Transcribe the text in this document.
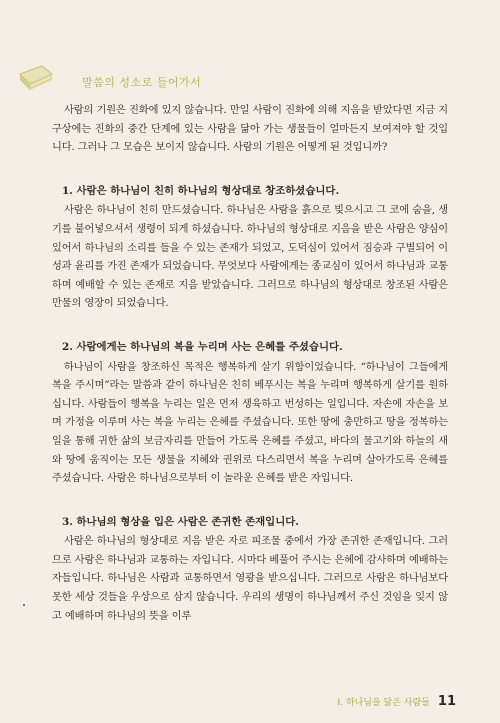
말씀의 성소로 들어가서

사람의 기원은 진화에 있지 않습니다. 만일 사람이 진화에 의해 지음을 받았다면 지금 지구상에는 진화의 중간 단계에 있는 사람을 닮아 가는 생물들이 얼마든지 보여져야 할 것입니다. 그러나 그 모습은 보이지 않습니다. 사람의 기원은 어떻게 된 것입니까?

1. 사람은 하나님이 친히 하나님의 형상대로 창조하셨습니다.

사람은 하나님이 친히 만드셨습니다. 하나님은 사람을 흙으로 빚으시고 그 코에 숨을, 생기를 불어넣으셔서 생령이 되게 하셨습니다. 하나님의 형상대로 지음을 받은 사람은 양심이 있어서 하나님의 소리를 들을 수 있는 존재가 되었고, 도덕심이 있어서 짐승과 구별되어 이성과 윤리를 가진 존재가 되었습니다. 무엇보다 사람에게는 종교심이 있어서 하나님과 교통하며 예배할 수 있는 존재로 지음 받았습니다. 그러므로 하나님의 형상대로 창조된 사람은 만물의 영장이 되었습니다.

2. 사람에게는 하나님의 복을 누리며 사는 은혜를 주셨습니다.

하나님이 사람을 창조하신 목적은 행복하게 살기 위함이었습니다. “하나님이 그들에게 복을 주시며”라는 말씀과 같이 하나님은 친히 베푸시는 복을 누리며 행복하게 살기를 원하십니다. 사람들이 행복을 누리는 일은 먼저 생육하고 번성하는 일입니다. 자손에 자손을 보며 가정을 이루며 사는 복을 누리는 은혜를 주셨습니다. 또한 땅에 충만하고 땅을 정복하는 일을 통해 귀한 삶의 보금자리를 만들어 가도록 은혜를 주셨고, 바다의 물고기와 하늘의 새와 땅에 움직이는 모든 생물을 지혜와 권위로 다스리면서 복을 누리며 살아가도록 은혜를 주셨습니다. 사람은 하나님으로부터 이 놀라운 은혜를 받은 자입니다.

3. 하나님의 형상을 입은 사람은 존귀한 존재입니다.

사람은 하나님의 형상대로 지음 받은 자로 피조물 중에서 가장 존귀한 존재입니다. 그러므로 사람은 하나님과 교통하는 자입니다. 시마다 베풀어 주시는 은혜에 감사하며 예배하는 자들입니다. 하나님은 사람과 교통하면서 영광을 받으십니다. 그러므로 사람은 하나님보다 못한 세상 것들을 우상으로 삼지 않습니다. 우리의 생명이 하나님께서 주신 것임을 잊지 않고 예배하며 하나님의 뜻을 이루

I. 하나님을 닮은 사람들 11
